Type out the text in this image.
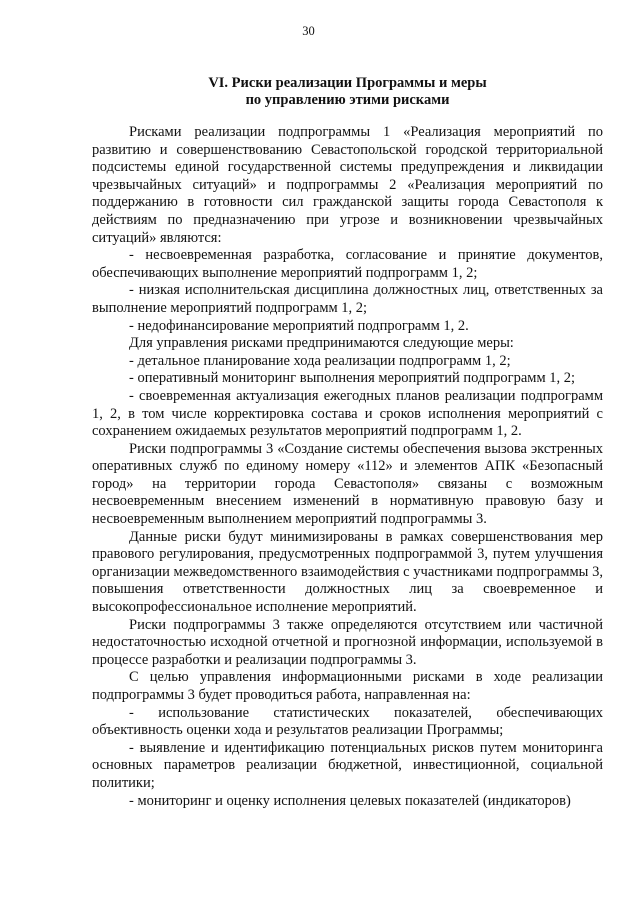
30
VI. Риски реализации Программы и меры
по управлению этими рисками

Рисками реализации подпрограммы 1 «Реализация мероприятий по развитию и совершенствованию Севастопольской городской территориальной подсистемы единой государственной системы предупреждения и ликвидации чрезвычайных ситуаций» и подпрограммы 2 «Реализация мероприятий по поддержанию в готовности сил гражданской защиты города Севастополя к действиям по предназначению при угрозе и возникновении чрезвычайных ситуаций» являются:

- несвоевременная разработка, согласование и принятие документов, обеспечивающих выполнение мероприятий подпрограмм 1, 2;

- низкая исполнительская дисциплина должностных лиц, ответственных за выполнение мероприятий подпрограмм 1, 2;

- недофинансирование мероприятий подпрограмм 1, 2.

Для управления рисками предпринимаются следующие меры:

- детальное планирование хода реализации подпрограмм 1, 2;

- оперативный мониторинг выполнения мероприятий подпрограмм 1, 2;

- своевременная актуализация ежегодных планов реализации подпрограмм 1, 2, в том числе корректировка состава и сроков исполнения мероприятий с сохранением ожидаемых результатов мероприятий подпрограмм 1, 2.

Риски подпрограммы 3 «Создание системы обеспечения вызова экстренных оперативных служб по единому номеру «112» и элементов АПК «Безопасный город» на территории города Севастополя» связаны с возможным несвоевременным внесением изменений в нормативную правовую базу и несвоевременным выполнением мероприятий подпрограммы 3.

Данные риски будут минимизированы в рамках совершенствования мер правового регулирования, предусмотренных подпрограммой 3, путем улучшения организации межведомственного взаимодействия с участниками подпрограммы 3, повышения ответственности должностных лиц за своевременное и высокопрофессиональное исполнение мероприятий.

Риски подпрограммы 3 также определяются отсутствием или частичной недостаточностью исходной отчетной и прогнозной информации, используемой в процессе разработки и реализации подпрограммы 3.

С целью управления информационными рисками в ходе реализации подпрограммы 3 будет проводиться работа, направленная на:

- использование статистических показателей, обеспечивающих объективность оценки хода и результатов реализации Программы;

- выявление и идентификацию потенциальных рисков путем мониторинга основных параметров реализации бюджетной, инвестиционной, социальной политики;

- мониторинг и оценку исполнения целевых показателей (индикаторов)
